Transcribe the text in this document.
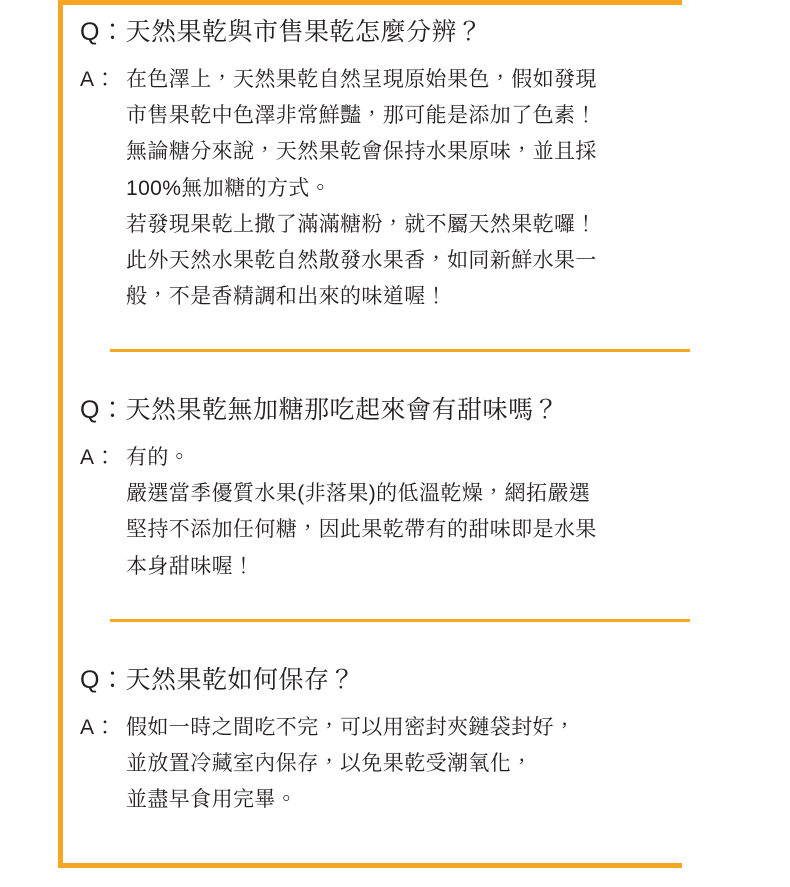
Q：天然果乾與市售果乾怎麼分辨？
A： 在色澤上，天然果乾自然呈現原始果色，假如發現

市售果乾中色澤非常鮮豔，那可能是添加了色素！

無論糖分來說，天然果乾會保持水果原味，並且採

100%無加糖的方式。

若發現果乾上撒了滿滿糖粉，就不屬天然果乾囉！

此外天然水果乾自然散發水果香，如同新鮮水果一

般，不是香精調和出來的味道喔！

Q：天然果乾無加糖那吃起來會有甜味嗎？
A： 有的。

嚴選當季優質水果(非落果)的低溫乾燥，網拓嚴選

堅持不添加任何糖，因此果乾帶有的甜味即是水果

本身甜味喔！

Q：天然果乾如何保存？
A： 假如一時之間吃不完，可以用密封夾鏈袋封好，

並放置冷藏室內保存，以免果乾受潮氧化，

並盡早食用完畢。
